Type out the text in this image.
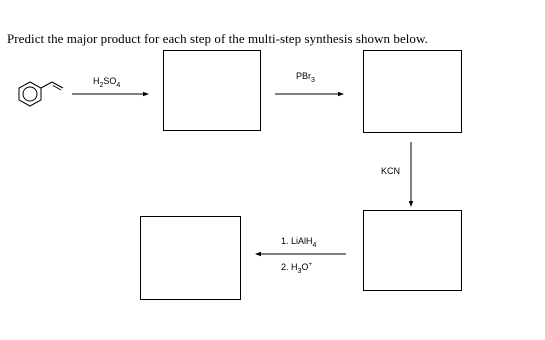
Predict the major product for each step of the multi-step synthesis shown below.
$H_2SO_4$
PBr$_3$
KCN
1. LiAlH$_4$
2. $H_3O^+$
